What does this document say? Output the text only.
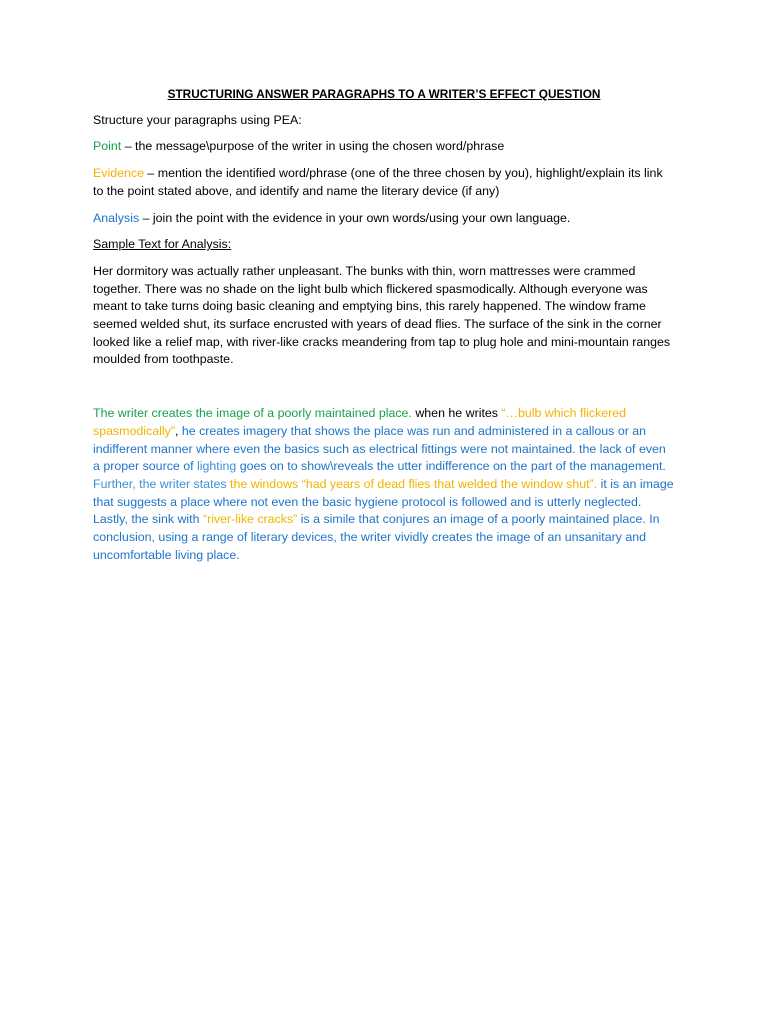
STRUCTURING ANSWER PARAGRAPHS TO A WRITER’S EFFECT QUESTION

Structure your paragraphs using PEA:

Point – the message\purpose of the writer in using the chosen word/phrase

Evidence – mention the identified word/phrase (one of the three chosen by you), highlight/explain its link to the point stated above, and identify and name the literary device (if any)

Analysis – join the point with the evidence in your own words/using your own language.

Sample Text for Analysis:

Her dormitory was actually rather unpleasant. The bunks with thin, worn mattresses were crammed together. There was no shade on the light bulb which flickered spasmodically. Although everyone was meant to take turns doing basic cleaning and emptying bins, this rarely happened. The window frame seemed welded shut, its surface encrusted with years of dead flies. The surface of the sink in the corner looked like a relief map, with river-like cracks meandering from tap to plug hole and mini-mountain ranges moulded from toothpaste.

The writer creates the image of a poorly maintained place. when he writes “…bulb which flickered spasmodically”, he creates imagery that shows the place was run and administered in a callous or an indifferent manner where even the basics such as electrical fittings were not maintained. the lack of even a proper source of lighting goes on to show\reveals the utter indifference on the part of the management. Further, the writer states the windows “had years of dead flies that welded the window shut”. it is an image that suggests a place where not even the basic hygiene protocol is followed and is utterly neglected. Lastly, the sink with “river-like cracks” is a simile that conjures an image of a poorly maintained place. In conclusion, using a range of literary devices, the writer vividly creates the image of an unsanitary and uncomfortable living place.
